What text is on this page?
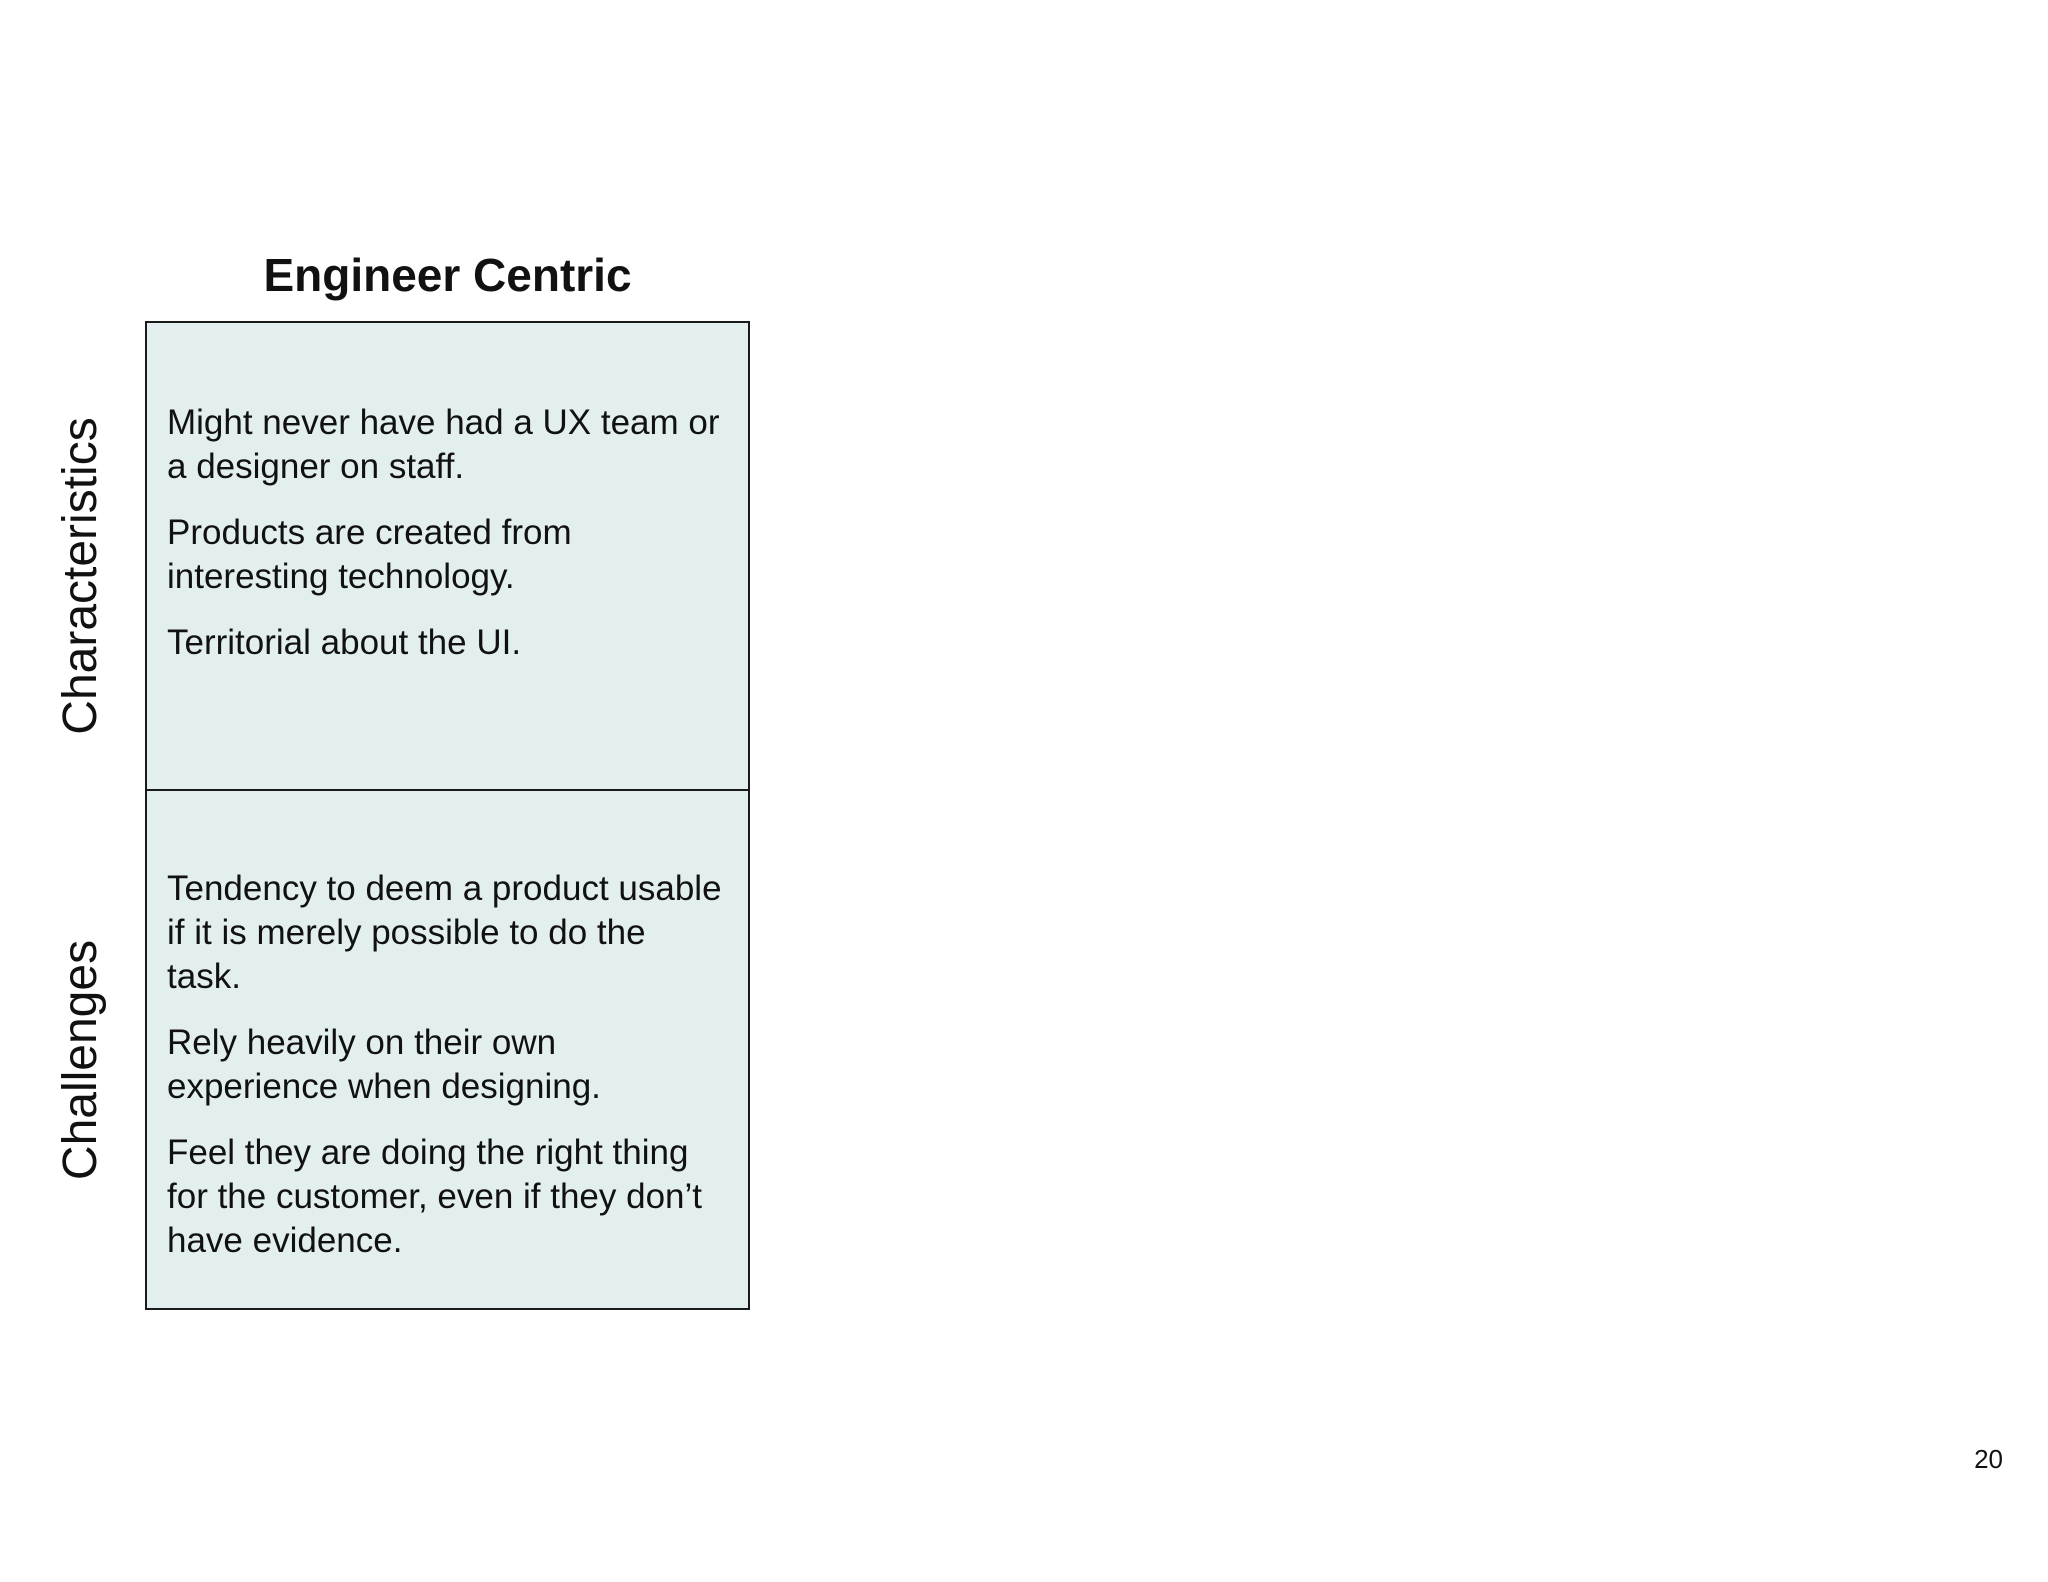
Engineer Centric
Characteristics Might never have had a UX team or a designer on staff.

Products are created from interesting technology.

Territorial about the UI.

Challenges

Tendency to deem a product usable if it is merely possible to do the task.

Rely heavily on their own experience when designing.

Feel they are doing the right thing for the customer, even if they don’t have evidence.

20
